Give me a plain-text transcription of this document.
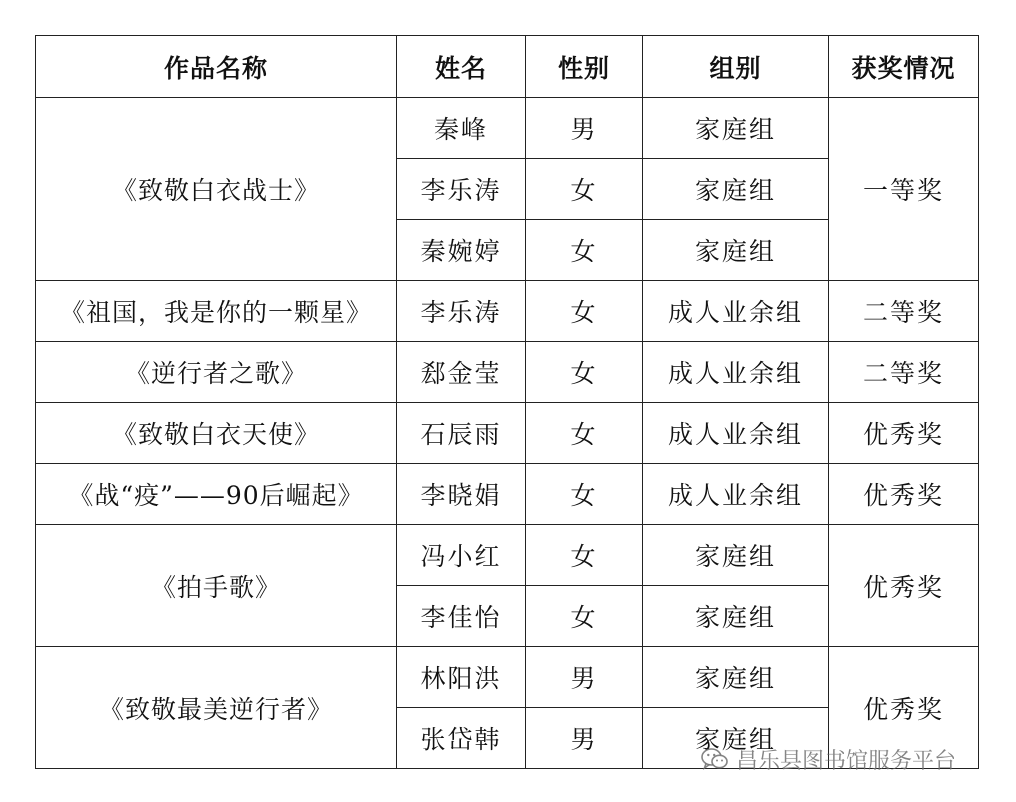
作品名称	姓名	性别	组别	获奖情况
《致敬白衣战士》	秦峰	男	家庭组	一等奖
	李乐涛	女	家庭组	
	秦婉婷	女	家庭组	
《祖国，我是你的一颗星》	李乐涛	女	成人业余组	二等奖
《逆行者之歌》	郄金莹	女	成人业余组	二等奖
《致敬白衣天使》	石辰雨	女	成人业余组	优秀奖
《战“疫”——90后崛起》	李晓娟	女	成人业余组	优秀奖
《拍手歌》	冯小红	女	家庭组	优秀奖
	李佳怡	女	家庭组	
《致敬最美逆行者》	林阳洪	男	家庭组	优秀奖
	张岱韩	男	家庭组	
昌乐县图书馆服务平台
